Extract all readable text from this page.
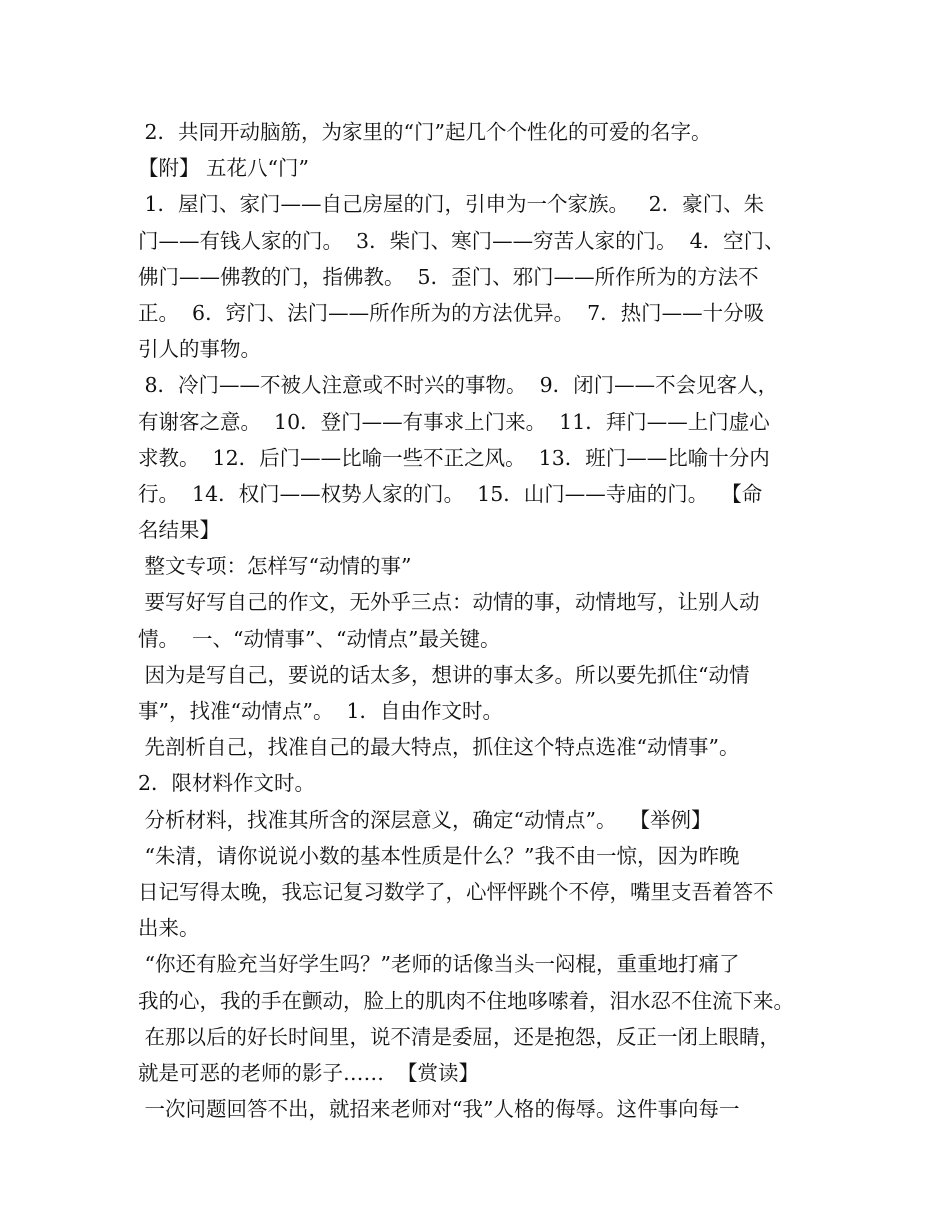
2．共同开动脑筋，为家里的“门”起几个个性化的可爱的名字。
【附】 五花八“门”
1．屋门、家门——自己房屋的门，引申为一个家族。   2．豪门、朱
门——有钱人家的门。  3．柴门、寒门——穷苦人家的门。  4．空门、
佛门——佛教的门，指佛教。  5．歪门、邪门——所作所为的方法不
正。  6．窍门、法门——所作所为的方法优异。  7．热门——十分吸
引人的事物。
8．冷门——不被人注意或不时兴的事物。  9．闭门——不会见客人，
有谢客之意。  10．登门——有事求上门来。  11．拜门——上门虚心
求教。  12．后门——比喻一些不正之风。  13．班门——比喻十分内
行。  14．权门——权势人家的门。  15．山门——寺庙的门。  【命
名结果】
整文专项：怎样写“动情的事”
要写好写自己的作文，无外乎三点：动情的事，动情地写，让别人动
情。  一、“动情事”、“动情点”最关键。
因为是写自己，要说的话太多，想讲的事太多。所以要先抓住“动情
事”，找准“动情点”。  1．自由作文时。
先剖析自己，找准自己的最大特点，抓住这个特点选准“动情事”。
2．限材料作文时。
分析材料，找准其所含的深层意义，确定“动情点”。  【举例】
“朱清，请你说说小数的基本性质是什么？”我不由一惊，因为昨晚
日记写得太晚，我忘记复习数学了，心怦怦跳个不停，嘴里支吾着答不
出来。
“你还有脸充当好学生吗？”老师的话像当头一闷棍，重重地打痛了
我的心，我的手在颤动，脸上的肌肉不住地哆嗦着，泪水忍不住流下来。
在那以后的好长时间里，说不清是委屈，还是抱怨，反正一闭上眼睛，
就是可恶的老师的影子……  【赏读】
一次问题回答不出，就招来老师对“我”人格的侮辱。这件事向每一
